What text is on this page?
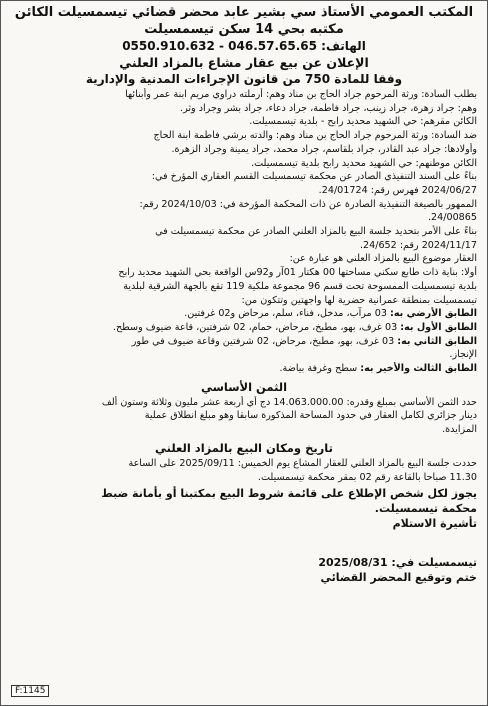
المكتب العمومي الأستاذ سي بشير عابد محضر قضائي تيسمسيلت الكائن
مكتبه بحي 14 سكن تيسمسيلت
الهاتف: 046.57.65.65 - 0550.910.632
الإعلان عن بيع عقار مشاع بالمزاد العلني
وفقا للمادة 750 من قانون الإجراءات المدنية والإدارية

بطلب السادة: ورثة المرحوم جراد الحاج بن مناد وهم: أرملته دراوي مريم ابنة عمر وأبنائها
وهم: جراد زهرة، جراد زينب، جراد فاطمة، جراد دعاء، جراد بشر وجراد وثر.
الكائن مقرهم: حي الشهيد محديد رابح - بلدية تيسمسيلت.

ضد السادة: ورثة المرحوم جراد الحاج بن مناد وهم: والدته برشي فاطمة ابنة الحاج
وأولادها: جراد عبد القادر، جراد بلقاسم، جراد محمد، جراد يمينة وجراد الزهرة.
الكائن موطنهم: حي الشهيد محديد رابح بلدية تيسمسيلت.

بناءً على السند التنفيذي الصادر عن محكمة تيسمسيلت القسم العقاري المؤرخ في:
2024/06/27 فهرس رقم: 24/01724.
الممهور بالصيغة التنفيذية الصادرة عن ذات المحكمة المؤرخة في: 2024/10/03 رقم:
24/00865.
بناءً على الأمر بتحديد جلسة البيع بالمزاد العلني الصادر عن محكمة تيسمسيلت في
2024/11/17 رقم: 24/652.

العقار موضوع البيع بالمزاد العلني هو عبارة عن:
أولا: بناية ذات طابع سكني مساحتها 00 هكتار 01آر و92س الواقعة بحي الشهيد محديد رابح
بلدية تيسمسيلت الممسوحة تحت قسم 96 مجموعة ملكية 119 تقع بالجهة الشرقية لبلدية
تيسمسيلت بمنطقة عمرانية حضرية لها واجهتين وتتكون من:

الطابق الأرضي به: 03 مرآب، مدخل، فناء، سلم، مرحاض و02 غرفتين.
الطابق الأول به: 03 غرف، بهو، مطبخ، مرحاض، حمام، 02 شرفتين، قاعة ضيوف وسطح.
الطابق الثاني به: 03 غرف، بهو، مطبخ، مرحاض، 02 شرفتين وقاعة ضيوف في طور
الإنجاز.
الطابق الثالث والأخير به: سطح وغرفة بياضة.

الثمن الأساسي

حدد الثمن الأساسي بمبلغ وقدره: 14.063.000.00 دج أي أربعة عشر مليون وثلاثة وستون ألف
دينار جزائري لكامل العقار في حدود المساحة المذكورة سابقا وهو مبلغ انطلاق عملية
المزايدة.

تاريخ ومكان البيع بالمزاد العلني

حددت جلسة البيع بالمزاد العلني للعقار المشاع يوم الخميس: 2025/09/11 على الساعة
11.30 صباحا بالقاعة رقم 02 بمقر محكمة تيسمسيلت.

يجوز لكل شخص الإطلاع على قائمة شروط البيع بمكتبنا أو بأمانة ضبط
محكمة تيسمسيلت.
تأشيرة الاستلام
تيسمسيلت في: 2025/08/31
ختم وتوقيع المحضر القضائي
F:1145
